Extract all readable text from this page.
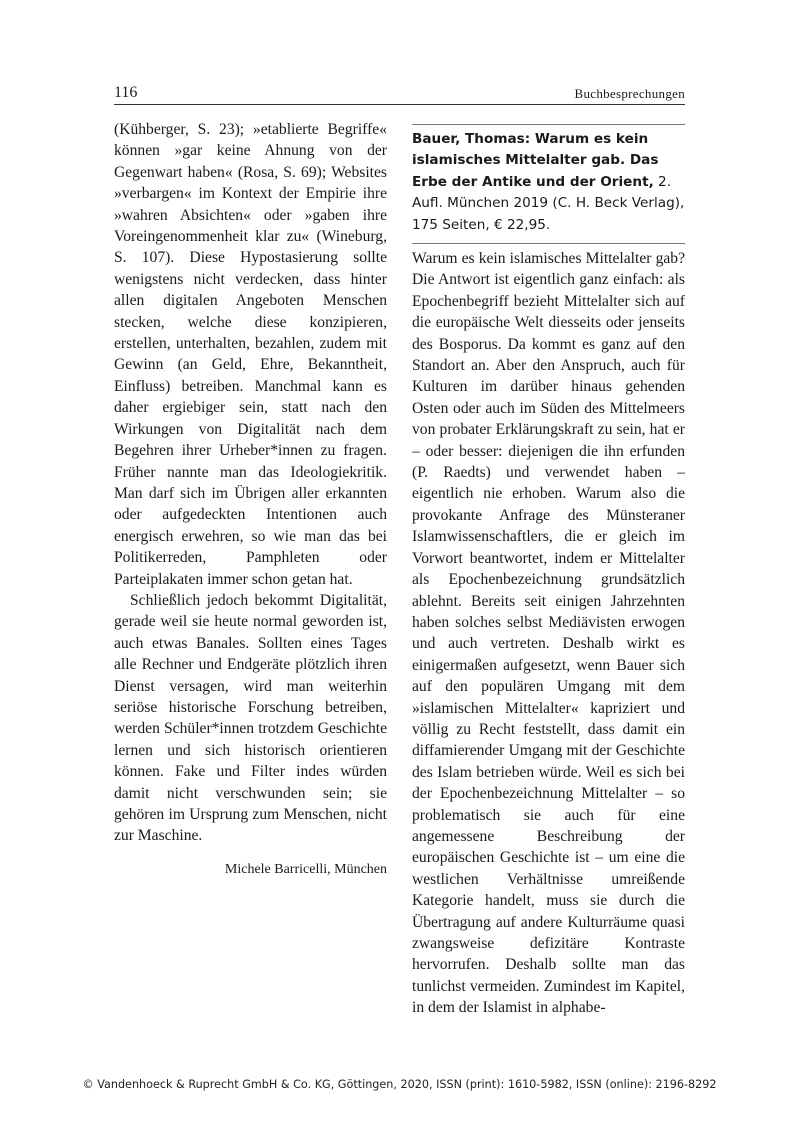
116	Buchbesprechungen

(Kühberger, S. 23); »etablierte Begriffe« können »gar keine Ahnung von der Gegenwart haben« (Rosa, S. 69); Websites »verbargen« im Kontext der Empirie ihre »wahren Absichten« oder »gaben ihre Voreingenommenheit klar zu« (Wineburg, S. 107). Diese Hypostasierung sollte wenigstens nicht verdecken, dass hinter allen digitalen Angeboten Menschen stecken, welche diese konzipieren, erstellen, unterhalten, bezahlen, zudem mit Gewinn (an Geld, Ehre, Bekanntheit, Einfluss) betreiben. Manchmal kann es daher ergiebiger sein, statt nach den Wirkungen von Digitalität nach dem Begehren ihrer Urheber*innen zu fragen. Früher nannte man das Ideologiekritik. Man darf sich im Übrigen aller erkannten oder aufgedeckten Intentionen auch energisch erwehren, so wie man das bei Politikerreden, Pamphleten oder Parteiplakaten immer schon getan hat.

Schließlich jedoch bekommt Digitalität, gerade weil sie heute normal geworden ist, auch etwas Banales. Sollten eines Tages alle Rechner und Endgeräte plötzlich ihren Dienst versagen, wird man weiterhin seriöse historische Forschung betreiben, werden Schüler*innen trotzdem Geschichte lernen und sich historisch orientieren können. Fake und Filter indes würden damit nicht verschwunden sein; sie gehören im Ursprung zum Menschen, nicht zur Maschine.

Michele Barricelli, München

Bauer, Thomas: Warum es kein islamisches Mittelalter gab. Das Erbe der Antike und der Orient, 2. Aufl. München 2019 (C. H. Beck Verlag), 175 Seiten, € 22,95.

Warum es kein islamisches Mittelalter gab? Die Antwort ist eigentlich ganz einfach: als Epochenbegriff bezieht Mittelalter sich auf die europäische Welt diesseits oder jenseits des Bosporus. Da kommt es ganz auf den Standort an. Aber den Anspruch, auch für Kulturen im darüber hinaus gehenden Osten oder auch im Süden des Mittelmeers von probater Erklärungskraft zu sein, hat er – oder besser: diejenigen die ihn erfunden (P. Raedts) und verwendet haben – eigentlich nie erhoben. Warum also die provokante Anfrage des Münsteraner Islamwissenschaftlers, die er gleich im Vorwort beantwortet, indem er Mittelalter als Epochenbezeichnung grundsätzlich ablehnt. Bereits seit einigen Jahrzehnten haben solches selbst Mediävisten erwogen und auch vertreten. Deshalb wirkt es einigermaßen aufgesetzt, wenn Bauer sich auf den populären Umgang mit dem »islamischen Mittelalter« kapriziert und völlig zu Recht feststellt, dass damit ein diffamierender Umgang mit der Geschichte des Islam betrieben würde. Weil es sich bei der Epochenbezeichnung Mittelalter – so problematisch sie auch für eine angemessene Beschreibung der europäischen Geschichte ist – um eine die westlichen Verhältnisse umreißende Kategorie handelt, muss sie durch die Übertragung auf andere Kulturräume quasi zwangsweise defizitäre Kontraste hervorrufen. Deshalb sollte man das tunlichst vermeiden. Zumindest im Kapitel, in dem der Islamist in alphabe-

© Vandenhoeck & Ruprecht GmbH & Co. KG, Göttingen, 2020, ISSN (print): 1610-5982, ISSN (online): 2196-8292
